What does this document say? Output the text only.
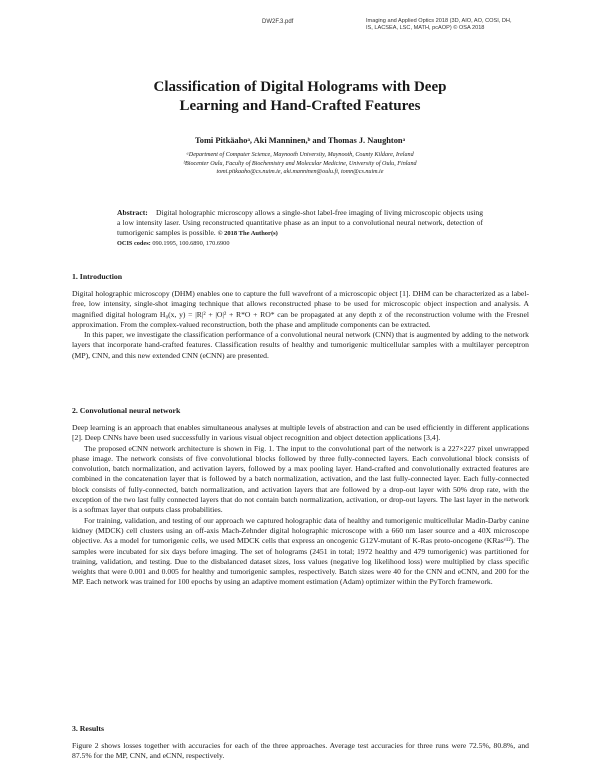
DW2F.3.pdf	Imaging and Applied Optics 2018 (3D, AIO, AO, COSI, DH,
IS, LACSEA, LSC, MATH, pcAOP) © OSA 2018
Classification of Digital Holograms with Deep
Learning and Hand-Crafted Features
Tomi Pitkäahoᵃ, Aki Manninen,ᵇ and Thomas J. Naughtonᵃ
ᵃDepartment of Computer Science, Maynooth University, Maynooth, County Kildare, Ireland
ᵇBiocenter Oulu, Faculty of Biochemistry and Molecular Medicine, University of Oulu, Finland
tomi.pitkaaho@cs.nuim.ie, aki.manninen@oulu.fi, tomn@cs.nuim.ie
Abstract: Digital holographic microscopy allows a single-shot label-free imaging of living microscopic objects using a low intensity laser. Using reconstructed quantitative phase as an input to a convolutional neural network, detection of tumorigenic samples is possible. © 2018 The Author(s)
OCIS codes: 090.1995, 100.6890, 170.6900
1. Introduction

Digital holographic microscopy (DHM) enables one to capture the full wavefront of a microscopic object [1]. DHM can be characterized as a label-free, low intensity, single-shot imaging technique that allows reconstructed phase to be used for microscopic object inspection and analysis. A magnified digital hologram H₀(x, y) = |R|² + |O|² + R*O + RO* can be propagated at any depth z of the reconstruction volume with the Fresnel approximation. From the complex-valued reconstruction, both the phase and amplitude components can be extracted.

In this paper, we investigate the classification performance of a convolutional neural network (CNN) that is augmented by adding to the network layers that incorporate hand-crafted features. Classification results of healthy and tumorigenic multicellular samples with a multilayer perceptron (MP), CNN, and this new extended CNN (eCNN) are presented.

2. Convolutional neural network

Deep learning is an approach that enables simultaneous analyses at multiple levels of abstraction and can be used efficiently in different applications [2]. Deep CNNs have been used successfully in various visual object recognition and object detection applications [3,4].

The proposed eCNN network architecture is shown in Fig. 1. The input to the convolutional part of the network is a 227×227 pixel unwrapped phase image. The network consists of five convolutional blocks followed by three fully-connected layers. Each convolutional block consists of convolution, batch normalization, and activation layers, followed by a max pooling layer. Hand-crafted and convolutionally extracted features are combined in the concatenation layer that is followed by a batch normalization, activation, and the last fully-connected layer. Each fully-connected block consists of fully-connected, batch normalization, and activation layers that are followed by a drop-out layer with 50% drop rate, with the exception of the two last fully connected layers that do not contain batch normalization, activation, or drop-out layers. The last layer in the network is a softmax layer that outputs class probabilities.

For training, validation, and testing of our approach we captured holographic data of healthy and tumorigenic multicellular Madin-Darby canine kidney (MDCK) cell clusters using an off-axis Mach-Zehnder digital holographic microscope with a 660 nm laser source and a 40X microscope objective. As a model for tumorigenic cells, we used MDCK cells that express an oncogenic G12V-mutant of K-Ras proto-oncogene (KRasᵛ¹²). The samples were incubated for six days before imaging. The set of holograms (2451 in total; 1972 healthy and 479 tumorigenic) was partitioned for training, validation, and testing. Due to the disbalanced dataset sizes, loss values (negative log likelihood loss) were multiplied by class specific weights that were 0.001 and 0.005 for healthy and tumorigenic samples, respectively. Batch sizes were 40 for the CNN and eCNN, and 200 for the MP. Each network was trained for 100 epochs by using an adaptive moment estimation (Adam) optimizer within the PyTorch framework.

3. Results

Figure 2 shows losses together with accuracies for each of the three approaches. Average test accuracies for three runs were 72.5%, 80.8%, and 87.5% for the MP, CNN, and eCNN, respectively.
